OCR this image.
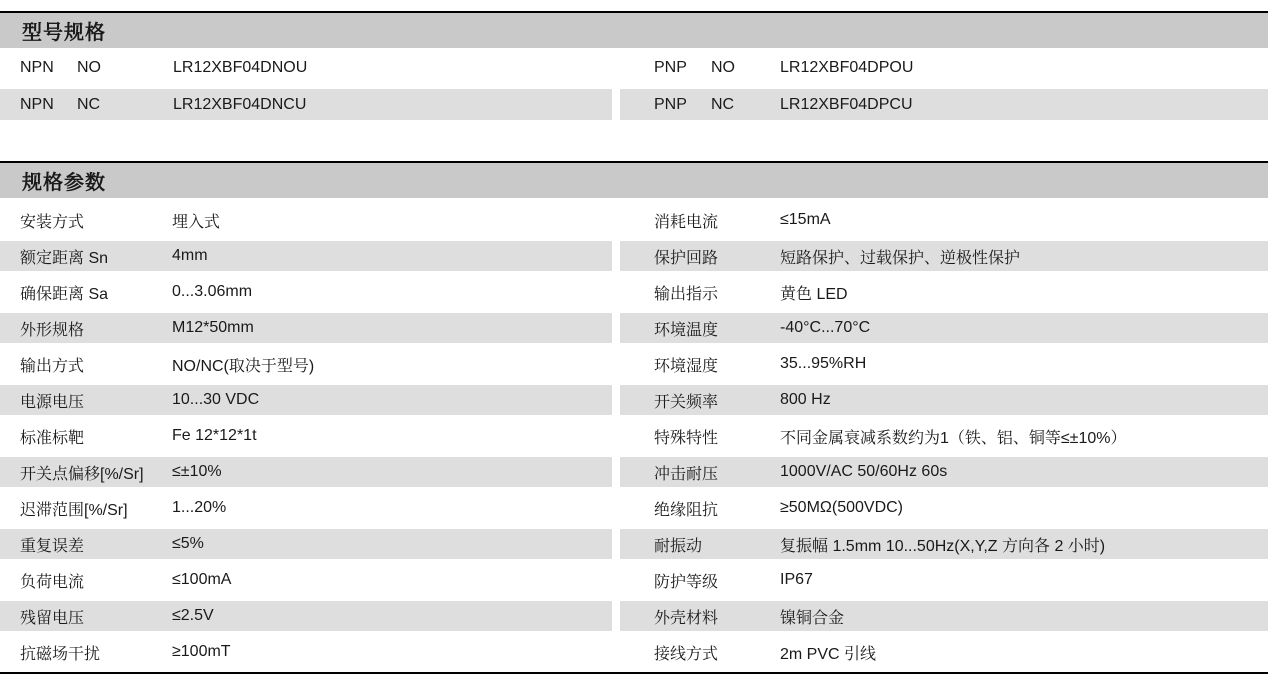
型号规格
NPN	NO	LR12XBF04DNOU
NPN	NC	LR12XBF04DNCU
PNP	NO	LR12XBF04DPOU
PNP	NC	LR12XBF04DPCU
规格参数
安装方式	埋入式
额定距离 Sn	4mm
确保距离 Sa	0...3.06mm
外形规格	M12*50mm
输出方式	NO/NC(取决于型号)
电源电压	10...30 VDC
标准标靶	Fe 12*12*1t
开关点偏移[%/Sr]	≤±10%
迟滞范围[%/Sr]	1...20%
重复误差	≤5%
负荷电流	≤100mA
残留电压	≤2.5V
抗磁场干扰	≥100mT
消耗电流	≤15mA
保护回路	短路保护、过载保护、逆极性保护
输出指示	黄色 LED
环境温度	-40°C...70°C
环境湿度	35...95%RH
开关频率	800 Hz
特殊特性	不同金属衰减系数约为1（铁、铝、铜等≤±10%）
冲击耐压	1000V/AC 50/60Hz 60s
绝缘阻抗	≥50MΩ(500VDC)
耐振动	复振幅 1.5mm 10...50Hz(X,Y,Z 方向各 2 小时)
防护等级	IP67
外壳材料	镍铜合金
接线方式	2m PVC 引线
